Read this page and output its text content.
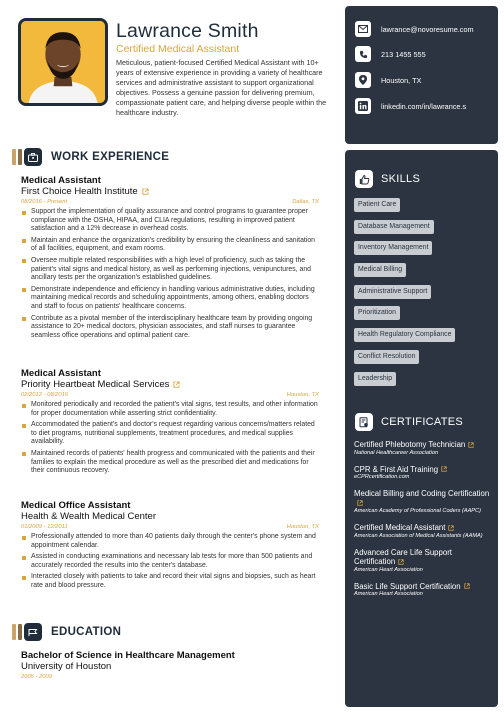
Lawrance Smith
Certified Medical Assistant
Meticulous, patient-focused Certified Medical Assistant with 10+ years of extensive experience in providing a variety of healthcare services and administrative assistant to support organizational objectives. Possess a genuine passion for delivering premium, compassionate patient care, and helping diverse people within the healthcare industry.
lawrance@novoresume.com
213 1455 555
Houston, TX
linkedin.com/in/lawrance.s
WORK EXPERIENCE
Medical Assistant
First Choice Health Institute
08/2016 - Present	Dallas, TX
Support the implementation of quality assurance and control programs to guarantee proper compliance with the OSHA, HIPAA, and CLIA regulations, resulting in improved patient satisfaction and a 12% decrease in overhead costs.
Maintain and enhance the organization's credibility by ensuring the cleanliness and sanitation of all facilities, equipment, and exam rooms.
Oversee multiple related responsibilities with a high level of proficiency, such as taking the patient's vital signs and medical history, as well as performing injections, venipunctures, and ancillary tests per the organization's established guidelines.
Demonstrate independence and efficiency in handling various administrative duties, including maintaining medical records and scheduling appointments, among others, enabling doctors and staff to focus on patients' healthcare concerns.
Contribute as a pivotal member of the interdisciplinary healthcare team by providing ongoing assistance to 20+ medical doctors, physician associates, and staff nurses to guarantee seamless office operations and optimal patient care.
Medical Assistant
Priority Heartbeat Medical Services
02/2012 - 08/2016	Houston, TX
Monitored periodically and recorded the patient's vital signs, test results, and other information for proper documentation while asserting strict confidentiality.
Accommodated the patient's and doctor's request regarding various concerns/matters related to diet programs, nutritional supplements, treatment procedures, and medical supplies availability.
Maintained records of patients' health progress and communicated with the patients and their families to explain the medical procedure as well as the prescribed diet and medications for their continuous recovery.
Medical Office Assistant
Health & Wealth Medical Center
01/2009 - 12/2011	Houston, TX
Professionally attended to more than 40 patients daily through the center's phone system and appointment calendar.
Assisted in conducting examinations and necessary lab tests for more than 500 patients and accurately recorded the results into the center's database.
Interacted closely with patients to take and record their vital signs and biopsies, such as heart rate and blood pressure.
EDUCATION
Bachelor of Science in Healthcare Management
University of Houston
2005 - 2009
SKILLS
Patient Care
Database Management
Inventory Management
Medical Billing
Administrative Support
Prioritization
Health Regulatory Compliance
Conflict Resolution
Leadership
CERTIFICATES
Certified Phlebotomy Technician
National Healthcareer Association
CPR & First Aid Training
eCPRcertification.com
Medical Billing and Coding Certification
American Academy of Professional Coders (AAPC)
Certified Medical Assistant
American Association of Medical Assistants (AAMA)
Advanced Care Life Support Certification
American Heart Association
Basic Life Support Certification
American Heart Association
